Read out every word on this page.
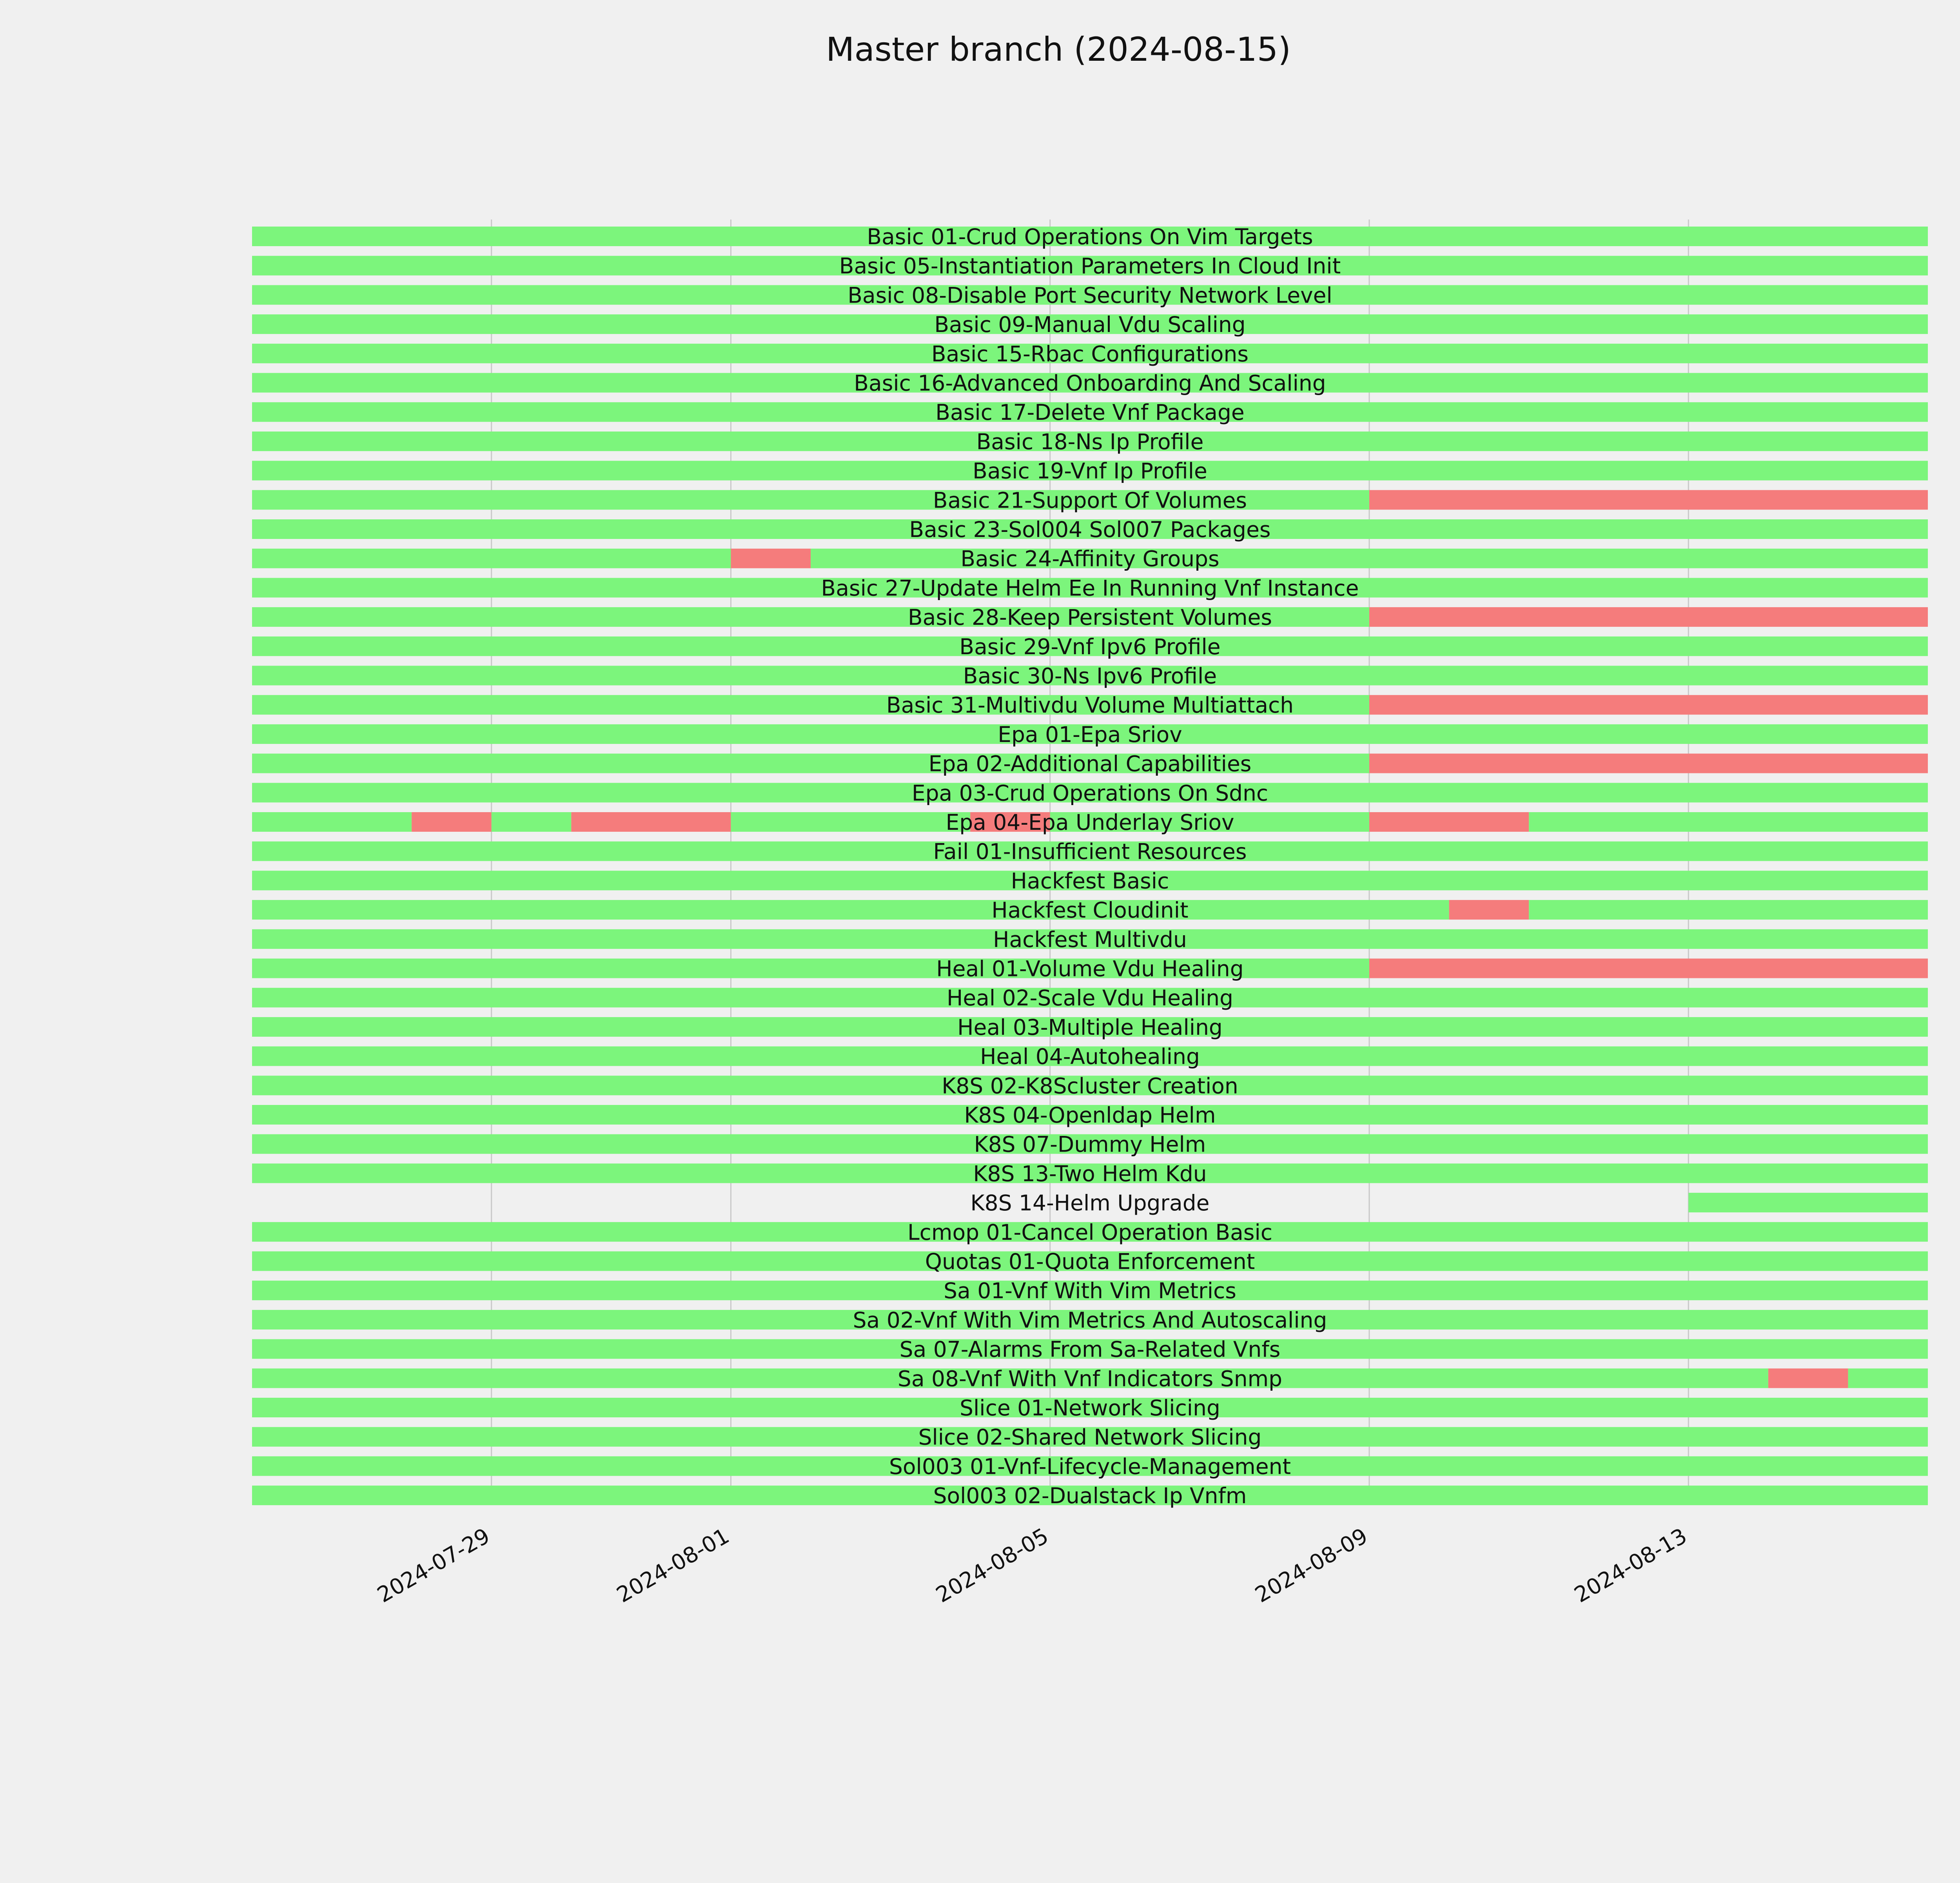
Master branch (2024-08-15)
Basic 01-Crud Operations On Vim Targets
Basic 05-Instantiation Parameters In Cloud Init
Basic 08-Disable Port Security Network Level
Basic 09-Manual Vdu Scaling
Basic 15-Rbac Configurations
Basic 16-Advanced Onboarding And Scaling
Basic 17-Delete Vnf Package
Basic 18-Ns Ip Profile
Basic 19-Vnf Ip Profile
Basic 21-Support Of Volumes
Basic 23-Sol004 Sol007 Packages
Basic 24-Affinity Groups
Basic 27-Update Helm Ee In Running Vnf Instance
Basic 28-Keep Persistent Volumes
Basic 29-Vnf Ipv6 Profile
Basic 30-Ns Ipv6 Profile
Basic 31-Multivdu Volume Multiattach
Epa 01-Epa Sriov
Epa 02-Additional Capabilities
Epa 03-Crud Operations On Sdnc
Epa 04-Epa Underlay Sriov
Fail 01-Insufficient Resources
Hackfest Basic
Hackfest Cloudinit
Hackfest Multivdu
Heal 01-Volume Vdu Healing
Heal 02-Scale Vdu Healing
Heal 03-Multiple Healing
Heal 04-Autohealing
K8S 02-K8Scluster Creation
K8S 04-Openldap Helm
K8S 07-Dummy Helm
K8S 13-Two Helm Kdu
K8S 14-Helm Upgrade
Lcmop 01-Cancel Operation Basic
Quotas 01-Quota Enforcement
Sa 01-Vnf With Vim Metrics
Sa 02-Vnf With Vim Metrics And Autoscaling
Sa 07-Alarms From Sa-Related Vnfs
Sa 08-Vnf With Vnf Indicators Snmp
Slice 01-Network Slicing
Slice 02-Shared Network Slicing
Sol003 01-Vnf-Lifecycle-Management
Sol003 02-Dualstack Ip Vnfm
2024-07-29	2024-08-01	2024-08-05	2024-08-09	2024-08-13
